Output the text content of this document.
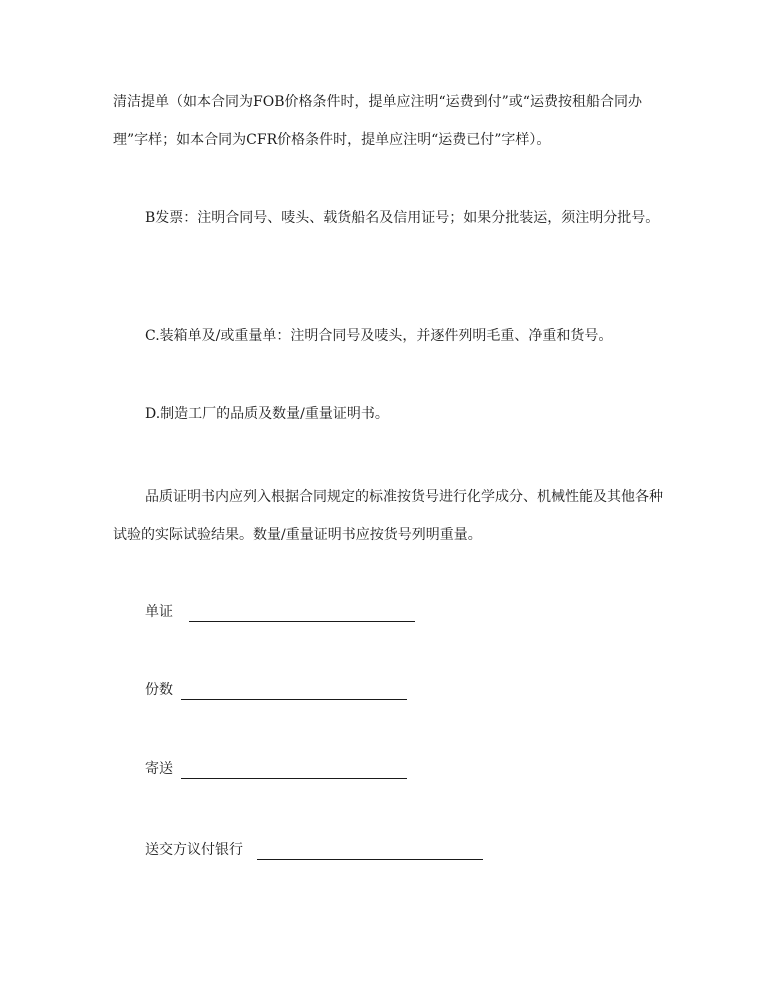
清洁提单（如本合同为FOB价格条件时，提单应注明“运费到付”或“运费按租船合同办理”字样；如本合同为CFR价格条件时，提单应注明“运费已付”字样）。

B发票：注明合同号、唛头、载货船名及信用证号；如果分批装运，须注明分批号。

C.装箱单及/或重量单：注明合同号及唛头，并逐件列明毛重、净重和货号。

D.制造工厂的品质及数量/重量证明书。

品质证明书内应列入根据合同规定的标准按货号进行化学成分、机械性能及其他各种试验的实际试验结果。数量/重量证明书应按货号列明重量。

单证
份数
寄送
送交方议付银行
